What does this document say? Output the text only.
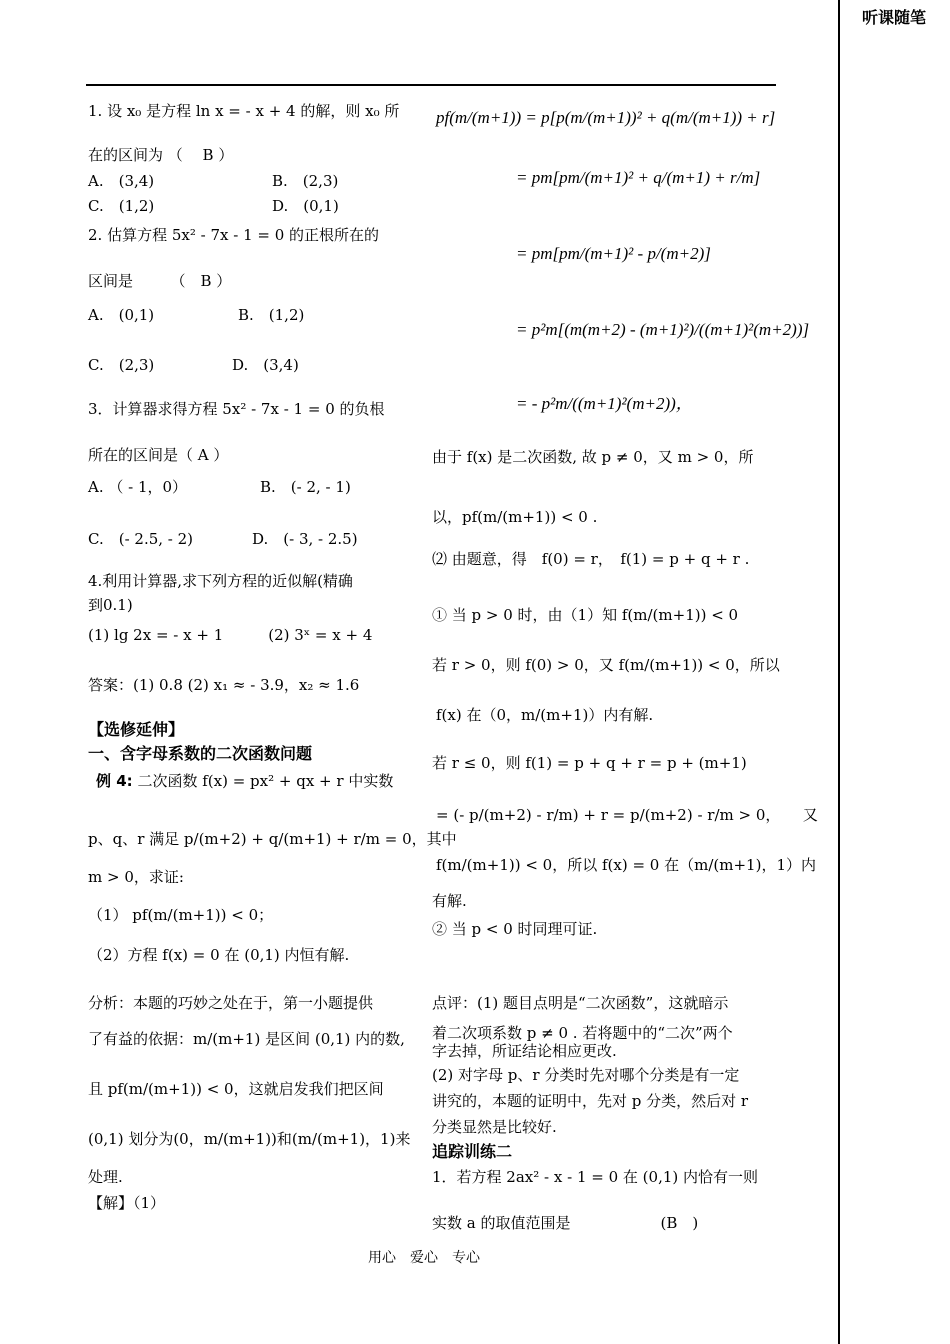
听课随笔
1. 设 x₀ 是方程 ln x = - x + 4 的解，则 x₀ 所
在的区间为 （　 B ）
A.　(3,4)	B.　(2,3)
C.　(1,2)	D.　(0,1)
2. 估算方程 5x² - 7x - 1 = 0 的正根所在的
区间是　　　（　B ）
A.　(0,1)	B.　(1,2)
C.　(2,3)	D.　(3,4)
3．计算器求得方程 5x² - 7x - 1 = 0 的负根
所在的区间是（ A ）
A. （ - 1，0）	B.　(- 2, - 1)
C.　(- 2.5, - 2)	D.　(- 3, - 2.5)
4.利用计算器,求下列方程的近似解(精确
到0.1)
(1) lg 2x = - x + 1　　　(2) 3ˣ = x + 4
答案：(1) 0.8 (2) x₁ ≈ - 3.9，x₂ ≈ 1.6
【选修延伸】
一、含字母系数的二次函数问题
例 4: 二次函数 f(x) = px² + qx + r 中实数
p、q、r 满足 p/(m+2) + q/(m+1) + r/m = 0，其中
m > 0，求证:
（1） pf(m/(m+1)) < 0；
（2）方程 f(x) = 0 在 (0,1) 内恒有解.
分析：本题的巧妙之处在于，第一小题提供
了有益的依据：m/(m+1) 是区间 (0,1) 内的数,
且 pf(m/(m+1)) < 0，这就启发我们把区间
(0,1) 划分为(0，m/(m+1))和(m/(m+1)，1)来
处理.
【解】（1）
pf(m/(m+1)) = p[p(m/(m+1))² + q(m/(m+1)) + r]
= pm[pm/(m+1)² + q/(m+1) + r/m]
= pm[pm/(m+1)² - p/(m+2)]
= p²m[(m(m+2) - (m+1)²)/((m+1)²(m+2))]
= - p²m/((m+1)²(m+2))，
由于 f(x) 是二次函数, 故 p ≠ 0，又 m > 0，所
以，pf(m/(m+1)) < 0 .
⑵ 由题意，得　f(0) = r，　f(1) = p + q + r .
① 当 p > 0 时，由（1）知 f(m/(m+1)) < 0
若 r > 0，则 f(0) > 0，又 f(m/(m+1)) < 0，所以
f(x) 在（0，m/(m+1)）内有解.
若 r ≤ 0，则 f(1) = p + q + r = p + (m+1)
= (- p/(m+2) - r/m) + r = p/(m+2) - r/m > 0，　　又
f(m/(m+1)) < 0，所以 f(x) = 0 在（m/(m+1)，1）内
有解.
② 当 p < 0 时同理可证.
点评：(1) 题目点明是“二次函数”，这就暗示
着二次项系数 p ≠ 0 . 若将题中的“二次”两个
字去掉，所证结论相应更改.
(2) 对字母 p、r 分类时先对哪个分类是有一定
讲究的，本题的证明中，先对 p 分类，然后对 r
分类显然是比较好.
追踪训练二
1．若方程 2ax² - x - 1 = 0 在 (0,1) 内恰有一则
实数 a 的取值范围是　　　　　　(B　)
用心　爱心　专心
